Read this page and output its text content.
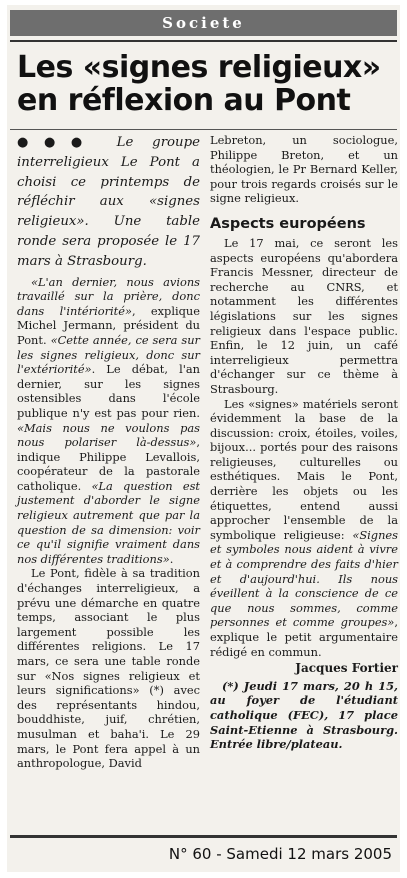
Societe
Les «signes religieux» en réflexion au Pont

●●● Le groupe interreligieux Le Pont a choisi ce printemps de réfléchir aux «signes religieux». Une table ronde sera proposée le 17 mars à Strasbourg.

«L'an dernier, nous avions travaillé sur la prière, donc dans l'intériorité», explique Michel Jermann, président du Pont. «Cette année, ce sera sur les signes religieux, donc sur l'extériorité». Le débat, l'an dernier, sur les signes ostensibles dans l'école publique n'y est pas pour rien. «Mais nous ne voulons pas nous polariser là-dessus», indique Philippe Levallois, coopérateur de la pastorale catholique. «La question est justement d'aborder le signe religieux autrement que par la question de sa dimension: voir ce qu'il signifie vraiment dans nos différentes traditions».

Le Pont, fidèle à sa tradition d'échanges interreligieux, a prévu une démarche en quatre temps, associant le plus largement possible les différentes religions. Le 17 mars, ce sera une table ronde sur «Nos signes religieux et leurs significations» (*) avec des représentants hindou, bouddhiste, juif, chrétien, musulman et baha'i. Le 29 mars, le Pont fera appel à un anthropologue, David

Lebreton, un sociologue, Philippe Breton, et un théologien, le Pr Bernard Keller, pour trois regards croisés sur le signe religieux.

Aspects européens

Le 17 mai, ce seront les aspects européens qu'abordera Francis Messner, directeur de recherche au CNRS, et notamment les différentes législations sur les signes religieux dans l'espace public. Enfin, le 12 juin, un café interreligieux permettra d'échanger sur ce thème à Strasbourg.

Les «signes» matériels seront évidemment la base de la discussion: croix, étoiles, voiles, bijoux... portés pour des raisons religieuses, culturelles ou esthétiques. Mais le Pont, derrière les objets ou les étiquettes, entend aussi approcher l'ensemble de la symbolique religieuse: «Signes et symboles nous aident à vivre et à comprendre des faits d'hier et d'aujourd'hui. Ils nous éveillent à la conscience de ce que nous sommes, comme personnes et comme groupes», explique le petit argumentaire rédigé en commun.

Jacques Fortier

(*) Jeudi 17 mars, 20 h 15, au foyer de l'étudiant catholique (FEC), 17 place Saint-Etienne à Strasbourg. Entrée libre/plateau.

N° 60 - Samedi 12 mars 2005
